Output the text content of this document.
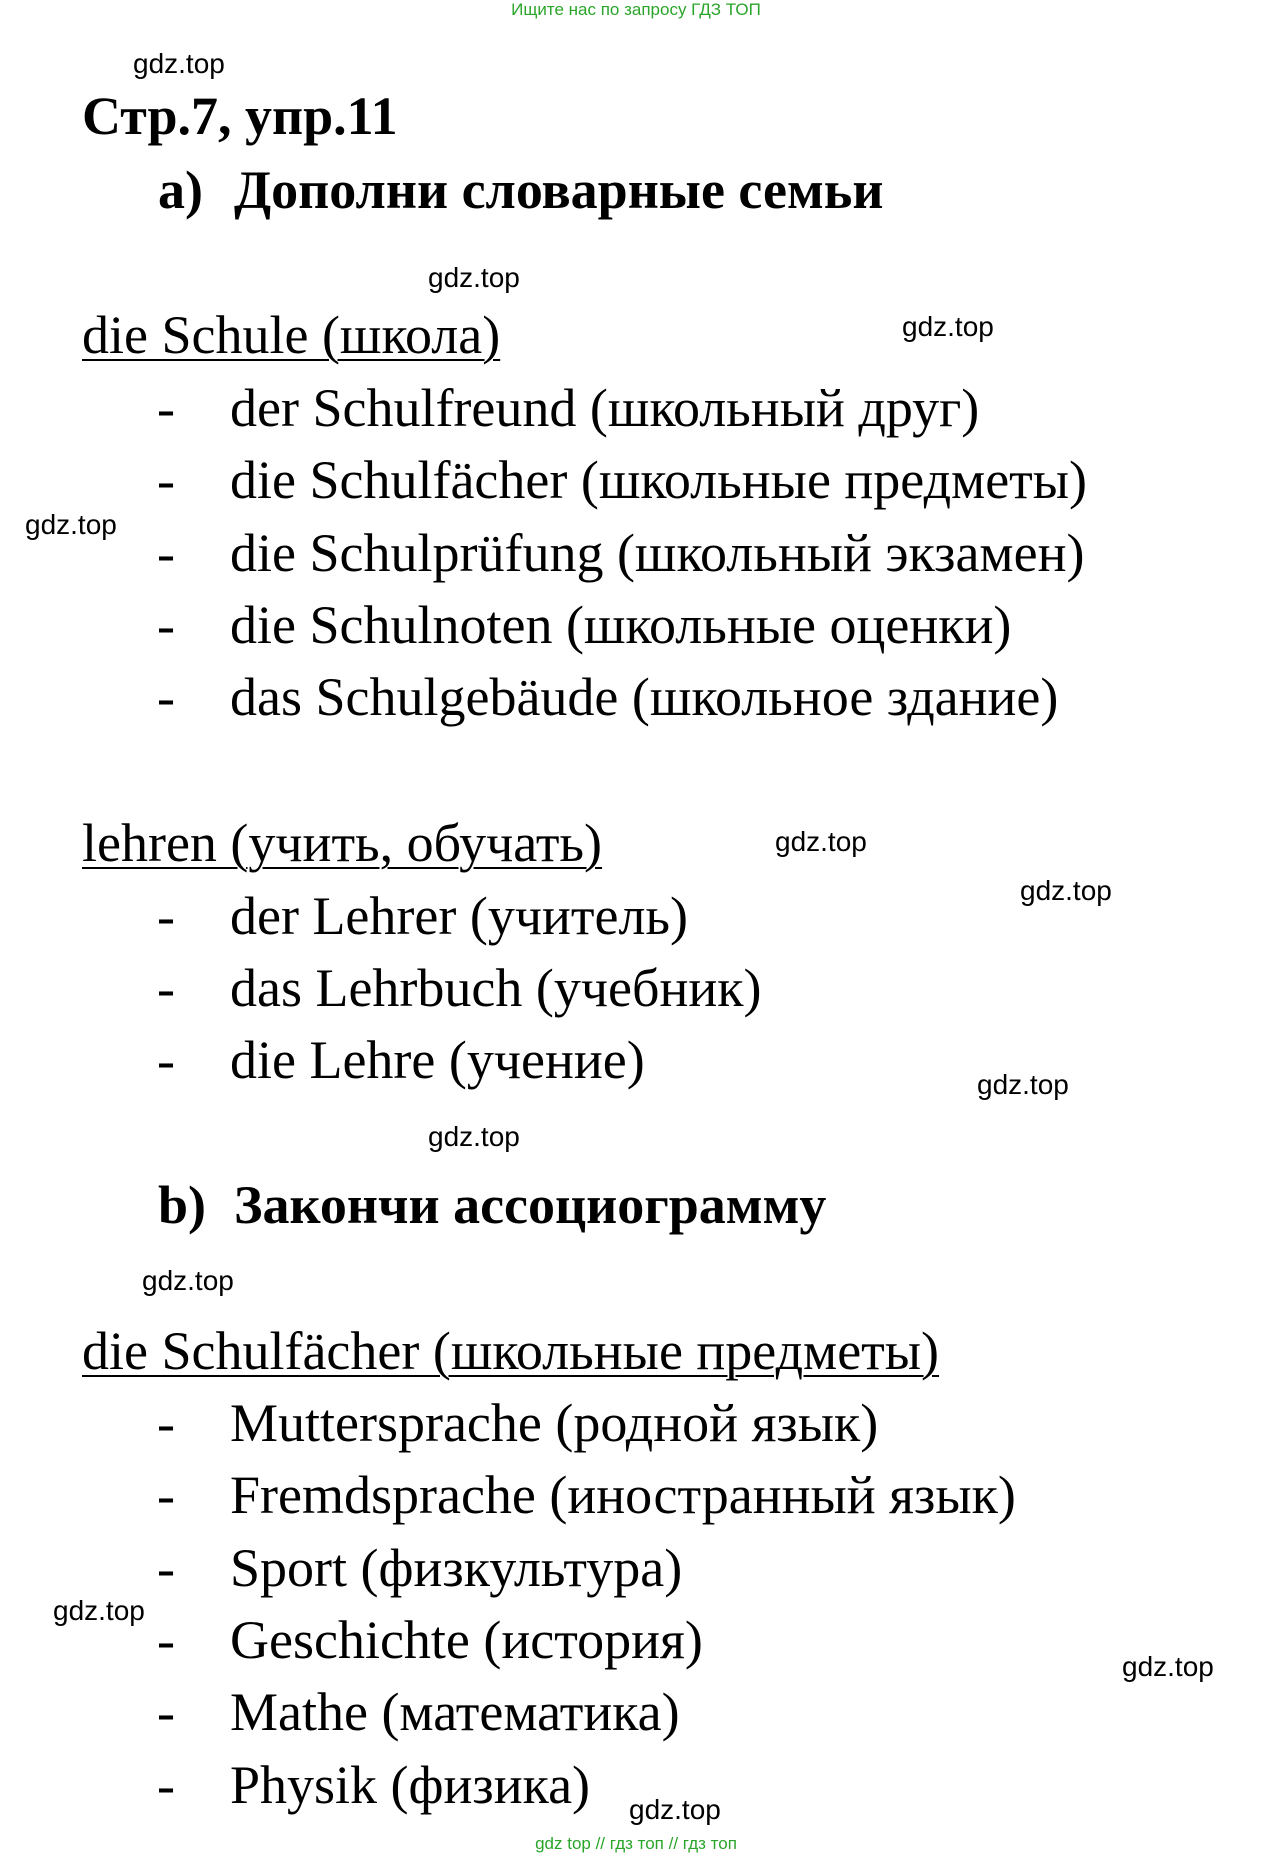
Ищите нас по запросу ГДЗ ТОП
gdz.top
gdz.top
gdz.top
gdz.top
gdz.top
gdz.top
gdz.top
gdz.top
gdz.top
gdz.top
gdz.top
gdz.top
Стр.7, упр.11
a) Дополни словарные семьи
die Schule (школа)
- der Schulfreund (школьный друг)
- die Schulfächer (школьные предметы)
- die Schulprüfung (школьный экзамен)
- die Schulnoten (школьные оценки)
- das Schulgebäude (школьное здание)
lehren (учить, обучать)
- der Lehrer (учитель)
- das Lehrbuch (учебник)
- die Lehre (учение)
b) Закончи ассоциограмму
die Schulfächer (школьные предметы)
- Muttersprache (родной язык)
- Fremdsprache (иностранный язык)
- Sport (физкультура)
- Geschichte (история)
- Mathe (математика)
- Physik (физика)
gdz top // гдз топ // гдз топ
